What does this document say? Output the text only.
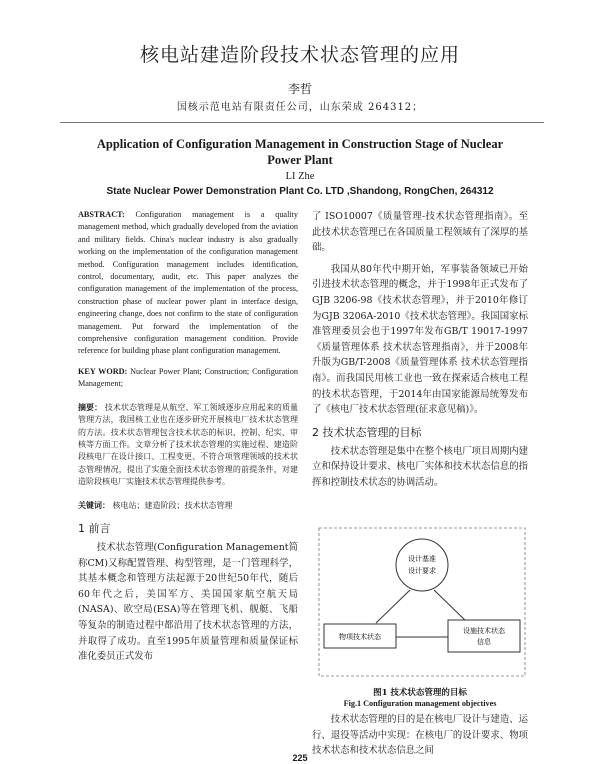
核电站建造阶段技术状态管理的应用
李哲
国核示范电站有限责任公司，山东荣成 264312；
Application of Configuration Management in Construction Stage of Nuclear
Power Plant
LI Zhe
State Nuclear Power Demonstration Plant Co. LTD ,Shandong, RongChen, 264312

ABSTRACT: Configuration management is a quality management method, which gradually developed from the aviation and military fields. China's nuclear industry is also gradually working on the implementation of the configuration management method. Configuration management includes identification, control, documentary, audit, etc. This paper analyzes the configuration management of the implementation of the process, construction phase of nuclear power plant in interface design, engineering change, does not confirm to the state of configuration management. Put forward the implementation of the comprehensive configuration management condition. Provide reference for building phase plant configuration management.

KEY WORD: Nuclear Power Plant; Construction; Configuration Management;

摘要： 技术状态管理是从航空、军工领域逐步应用起来的质量管理方法，我国核工业也在逐步研究开展核电厂技术状态管理的方法。技术状态管理包含技术状态的标识、控制、纪实、审核等方面工作。文章分析了技术状态管理的实施过程、建造阶段核电厂在设计接口、工程变更、不符合项管理领域的技术状态管理情况，提出了实施全面技术状态管理的前提条件，对建造阶段核电厂实施技术状态管理提供参考。

关键词： 核电站；建造阶段；技术状态管理

1 前言

技术状态管理(Configuration Management简称CM)又称配置管理、构型管理，是一门管理科学，其基本概念和管理方法起源于20世纪50年代，随后60年代之后，美国军方、美国国家航空航天局(NASA)、欧空局(ESA)等在管理飞机、舰艇、飞船等复杂的制造过程中都沿用了技术状态管理的方法，并取得了成功。直至1995年质量管理和质量保证标准化委员正式发布

了 ISO10007《质量管理-技术状态管理指南》。至此技术状态管理已在各国质量工程领域有了深厚的基础。

我国从80年代中期开始，军事装备领域已开始引进技术状态管理的概念，并于1998年正式发布了GJB 3206-98《技术状态管理》，并于2010年修订为GJB 3206A-2010《技术状态管理》。我国国家标准管理委员会也于1997年发布GB/T 19017-1997《质量管理体系 技术状态管理指南》，并于2008年升版为GB/T-2008《质量管理体系 技术状态管理指南》。而我国民用核工业也一致在探索适合核电工程的技术状态管理，于2014年由国家能源局统筹发布了《核电厂技术状态管理(征求意见稿)》。

2 技术状态管理的目标

技术状态管理是集中在整个核电厂项目周期内建立和保持设计要求、核电厂实体和技术状态信息的指挥和控制技术状态的协调活动。

设计基准
设计要求
物项技术状态
设施技术状态
信息
图1 技术状态管理的目标
Fig.1 Configuration management objectives

技术状态管理的目的是在核电厂设计与建造、运行、退役等活动中实现：在核电厂的设计要求、物项技术状态和技术状态信息之间

225
